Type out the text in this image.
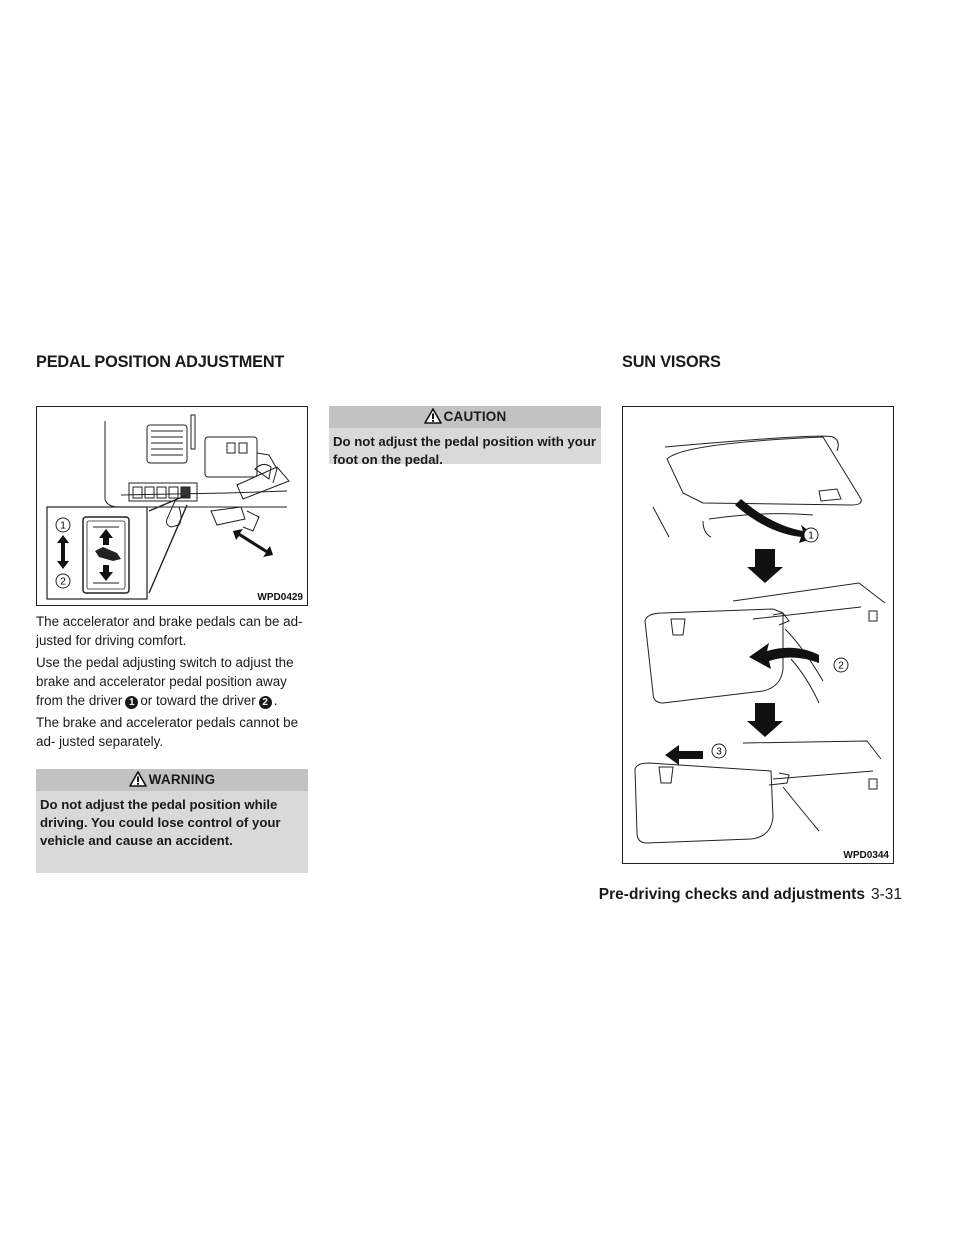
PEDAL POSITION ADJUSTMENT	SUN VISORS
1
2
WPD0429

The accelerator and brake pedals can be ad- justed for driving comfort.

Use the pedal adjusting switch to adjust the brake and accelerator pedal position away from the driver 1 or toward the driver 2 .

The brake and accelerator pedals cannot be ad- justed separately.

WARNING

Do not adjust the pedal position while driving. You could lose control of your vehicle and cause an accident.

CAUTION

Do not adjust the pedal position with your foot on the pedal.

1
2
3
WPD0344
Pre-driving checks and adjustments 3-31
